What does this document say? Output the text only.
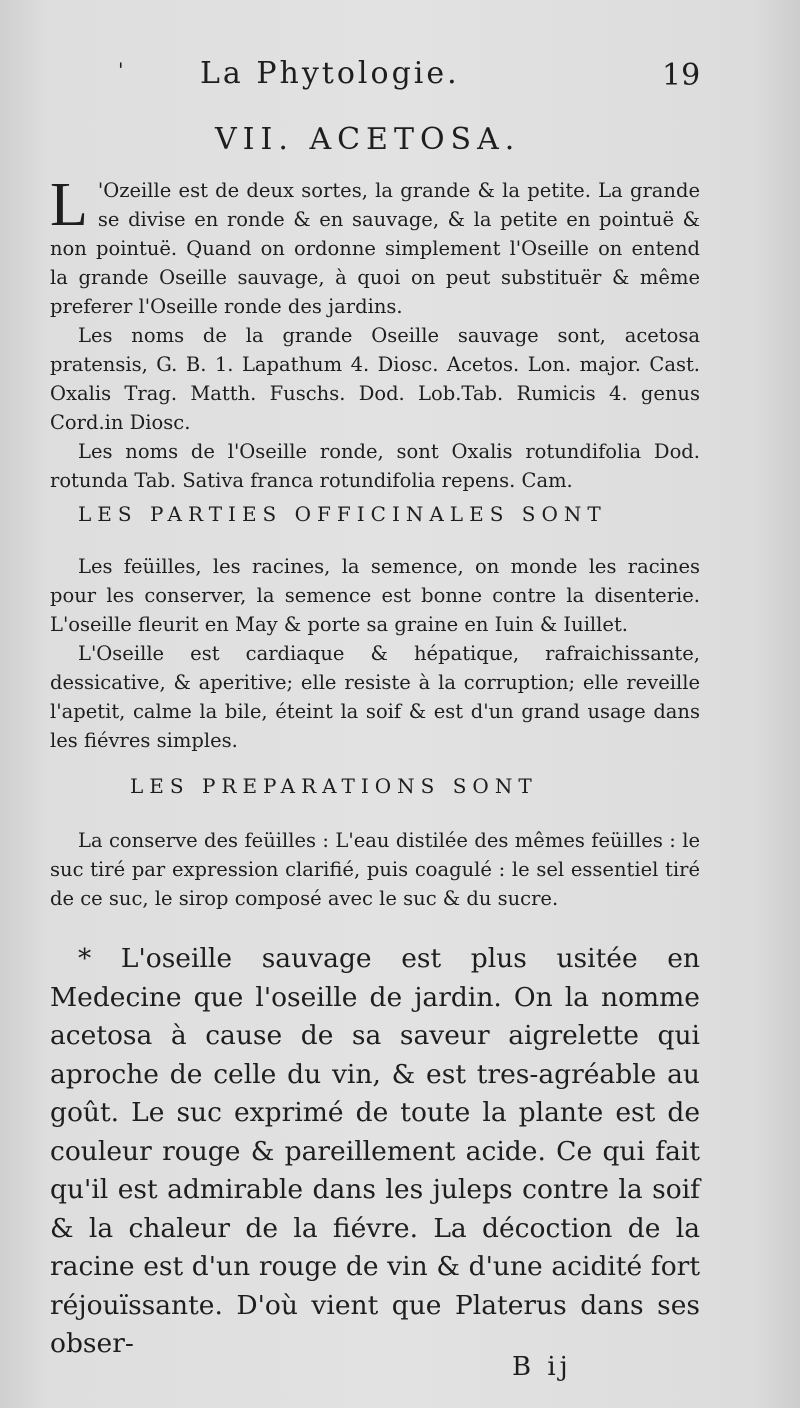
'	La Phytologie.	19
VII. ACETOSA.

L 'Ozeille est de deux sortes, la grande & la petite. La grande se divise en ronde & en sauvage, & la petite en pointuë & non pointuë. Quand on ordonne simplement l'Oseille on entend la grande Oseille sauvage, à quoi on peut substituër & même preferer l'Oseille ronde des jardins.

Les noms de la grande Oseille sauvage sont, acetosa pratensis, G. B. 1. Lapathum 4. Diosc. Acetos. Lon. major. Cast. Oxalis Trag. Matth. Fuschs. Dod. Lob.Tab. Rumicis 4. genus Cord.in Diosc.

Les noms de l'Oseille ronde, sont Oxalis rotundifolia Dod. rotunda Tab. Sativa franca rotundifolia repens. Cam.

LES PARTIES OFFICINALES SONT

Les feüilles, les racines, la semence, on monde les racines pour les conserver, la semence est bonne contre la disenterie. L'oseille fleurit en May & porte sa graine en Iuin & Iuillet.

L'Oseille est cardiaque & hépatique, rafraichissante, dessicative, & aperitive; elle resiste à la corruption; elle reveille l'apetit, calme la bile, éteint la soif & est d'un grand usage dans les fiévres simples.

LES PREPARATIONS SONT

La conserve des feüilles : L'eau distilée des mêmes feüilles : le suc tiré par expression clarifié, puis coagulé : le sel essentiel tiré de ce suc, le sirop composé avec le suc & du sucre.

* L'oseille sauvage est plus usitée en Medecine que l'oseille de jardin. On la nomme acetosa à cause de sa saveur aigrelette qui aproche de celle du vin, & est tres-agréable au goût. Le suc exprimé de toute la plante est de couleur rouge & pareillement acide. Ce qui fait qu'il est admirable dans les juleps contre la soif & la chaleur de la fiévre. La décoction de la racine est d'un rouge de vin & d'une acidité fort réjouïssante. D'où vient que Platerus dans ses obser-

B ij
